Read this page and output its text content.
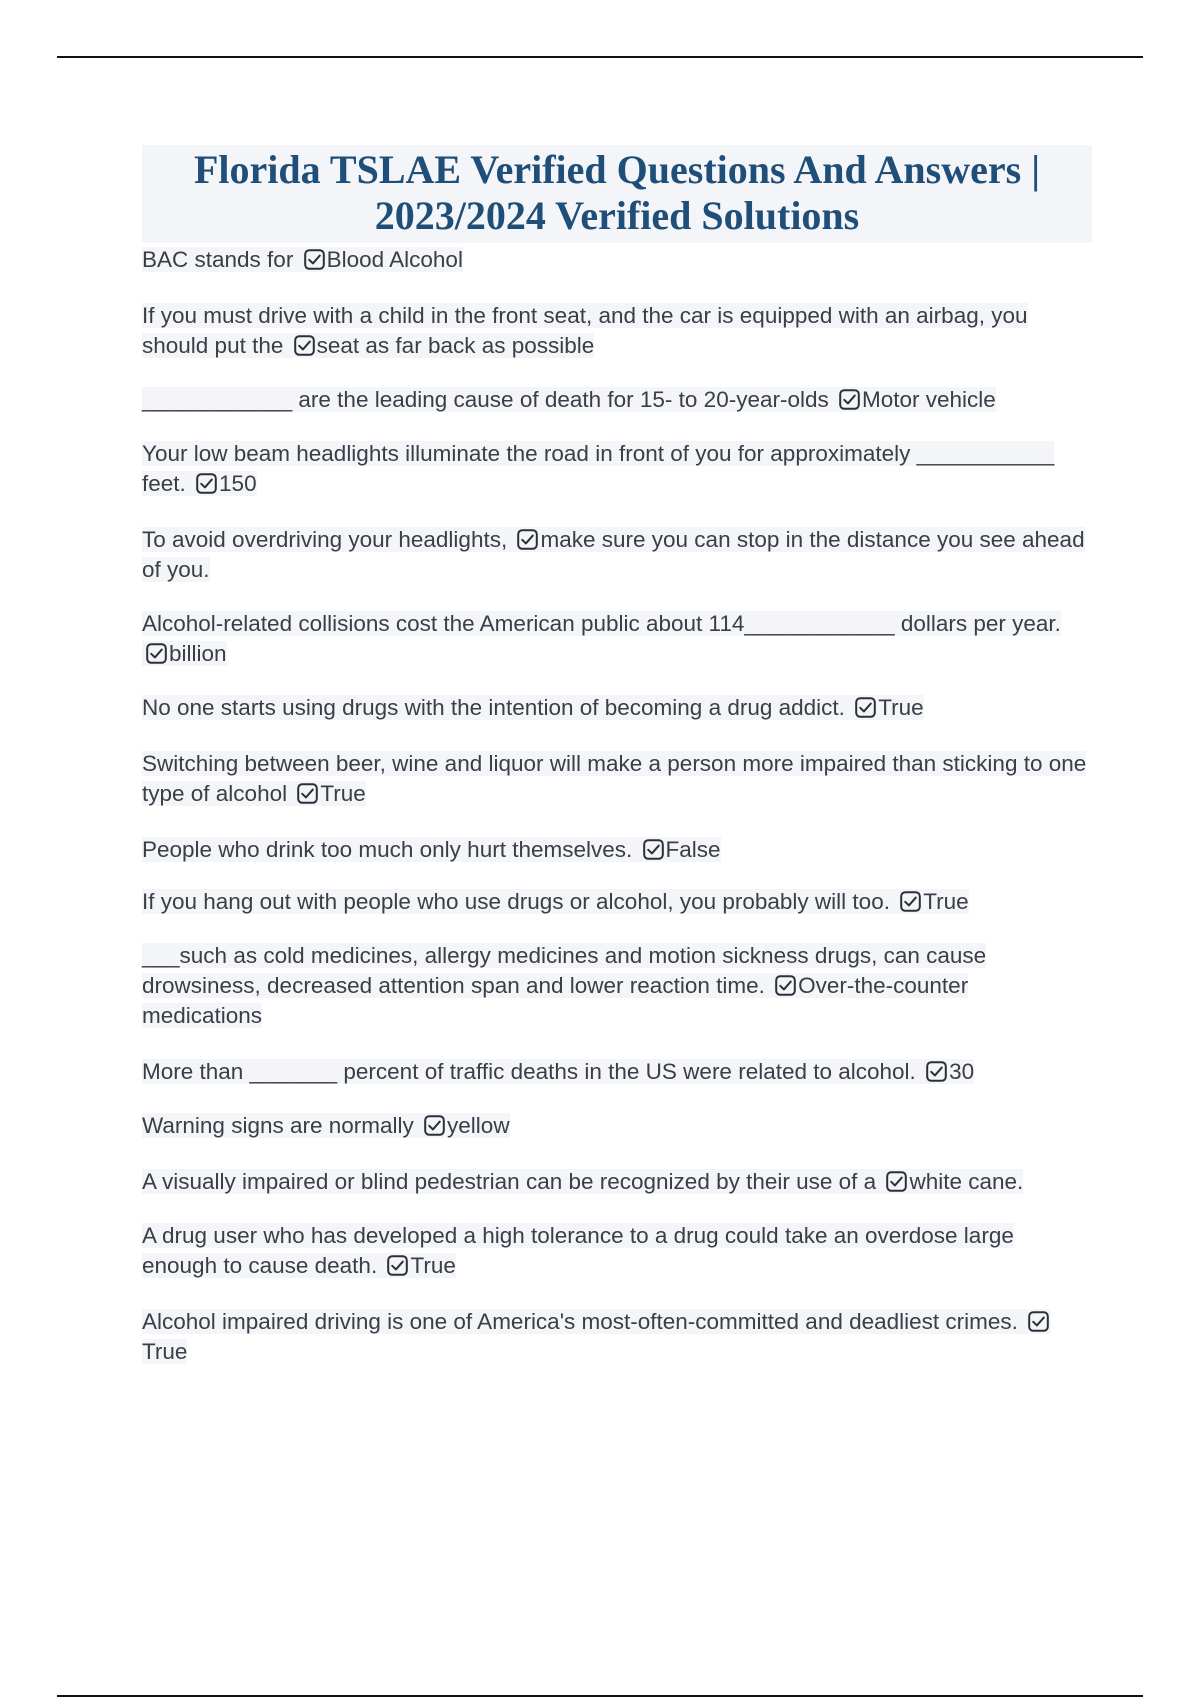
Florida TSLAE Verified Questions And Answers | 2023/2024 Verified Solutions
BAC stands for Blood Alcohol
If you must drive with a child in the front seat, and the car is equipped with an airbag, you should put the seat as far back as possible
____________ are the leading cause of death for 15- to 20-year-olds Motor vehicle
Your low beam headlights illuminate the road in front of you for approximately ___________ feet. 150
To avoid overdriving your headlights, make sure you can stop in the distance you see ahead of you.
Alcohol-related collisions cost the American public about 114____________ dollars per year.
billion
No one starts using drugs with the intention of becoming a drug addict. True
Switching between beer, wine and liquor will make a person more impaired than sticking to one type of alcohol True
People who drink too much only hurt themselves. False
If you hang out with people who use drugs or alcohol, you probably will too. True
___such as cold medicines, allergy medicines and motion sickness drugs, can cause drowsiness, decreased attention span and lower reaction time. Over-the-counter medications
More than _______ percent of traffic deaths in the US were related to alcohol. 30
Warning signs are normally yellow
A visually impaired or blind pedestrian can be recognized by their use of a white cane.
A drug user who has developed a high tolerance to a drug could take an overdose large enough to cause death. True
Alcohol impaired driving is one of America's most-often-committed and deadliest crimes.
True
